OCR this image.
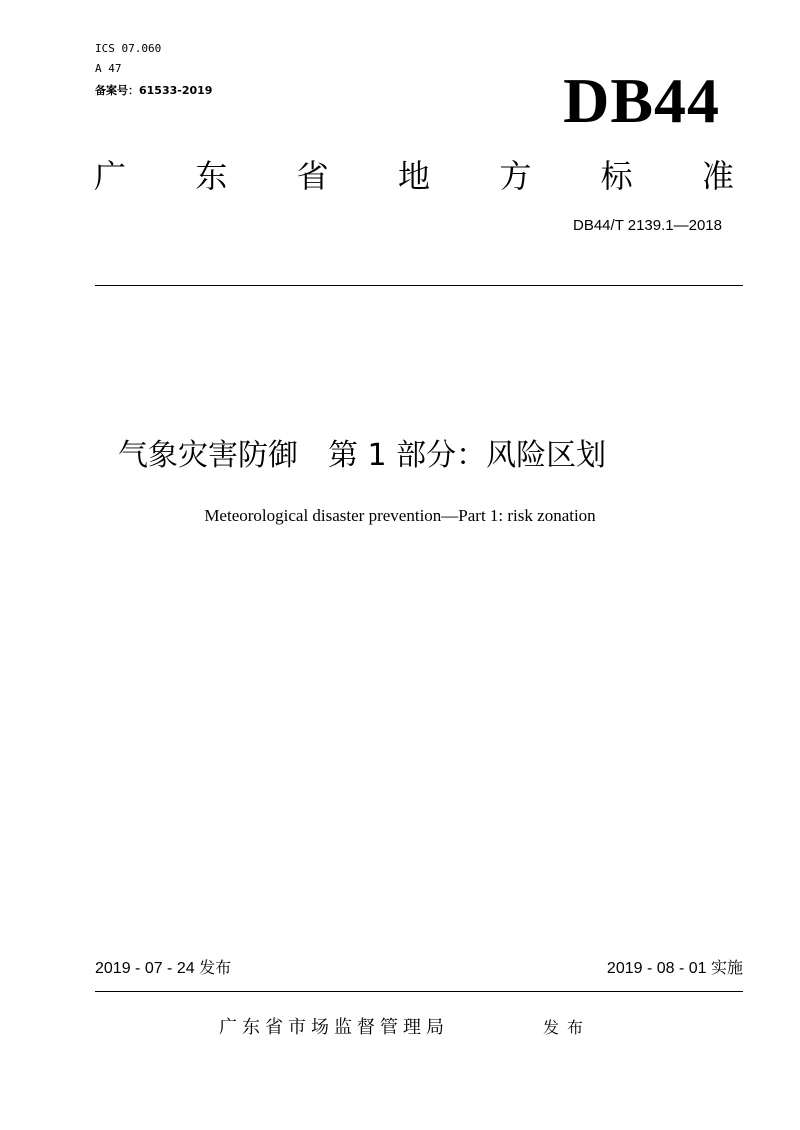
ICS 07.060
A 47
备案号：61533-2019	DB44
广 东 省 地 方 标 准
DB44/T 2139.1—2018
气象灾害防御　第 1 部分：风险区划
Meteorological disaster prevention—Part 1: risk zonation
2019 - 07 - 24 发布	2019 - 08 - 01 实施
广东省市场监督管理局	发布
